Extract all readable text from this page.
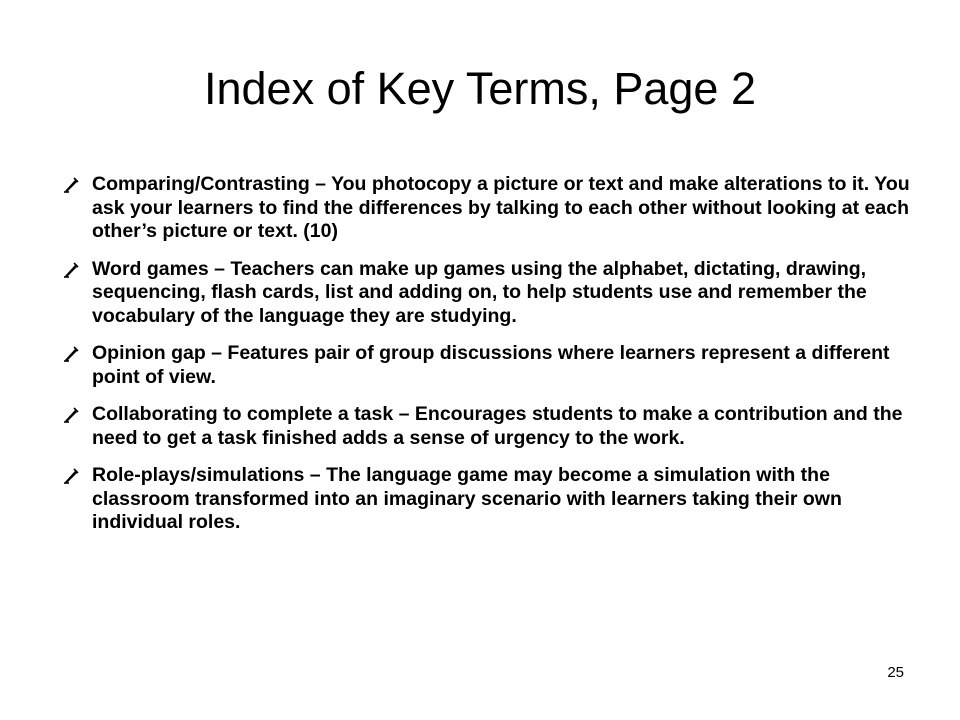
Index of Key Terms, Page 2
Comparing/Contrasting – You photocopy a picture or text and make alterations to it. You ask your learners to find the differences by talking to each other without looking at each other’s picture or text. (10)
Word games – Teachers can make up games using the alphabet, dictating, drawing, sequencing, flash cards, list and adding on, to help students use and remember the vocabulary of the language they are studying.
Opinion gap – Features pair of group discussions where learners represent a different point of view.
Collaborating to complete a task – Encourages students to make a contribution and the need to get a task finished adds a sense of urgency to the work.
Role-plays/simulations – The language game may become a simulation with the classroom transformed into an imaginary scenario with learners taking their own individual roles.
25
